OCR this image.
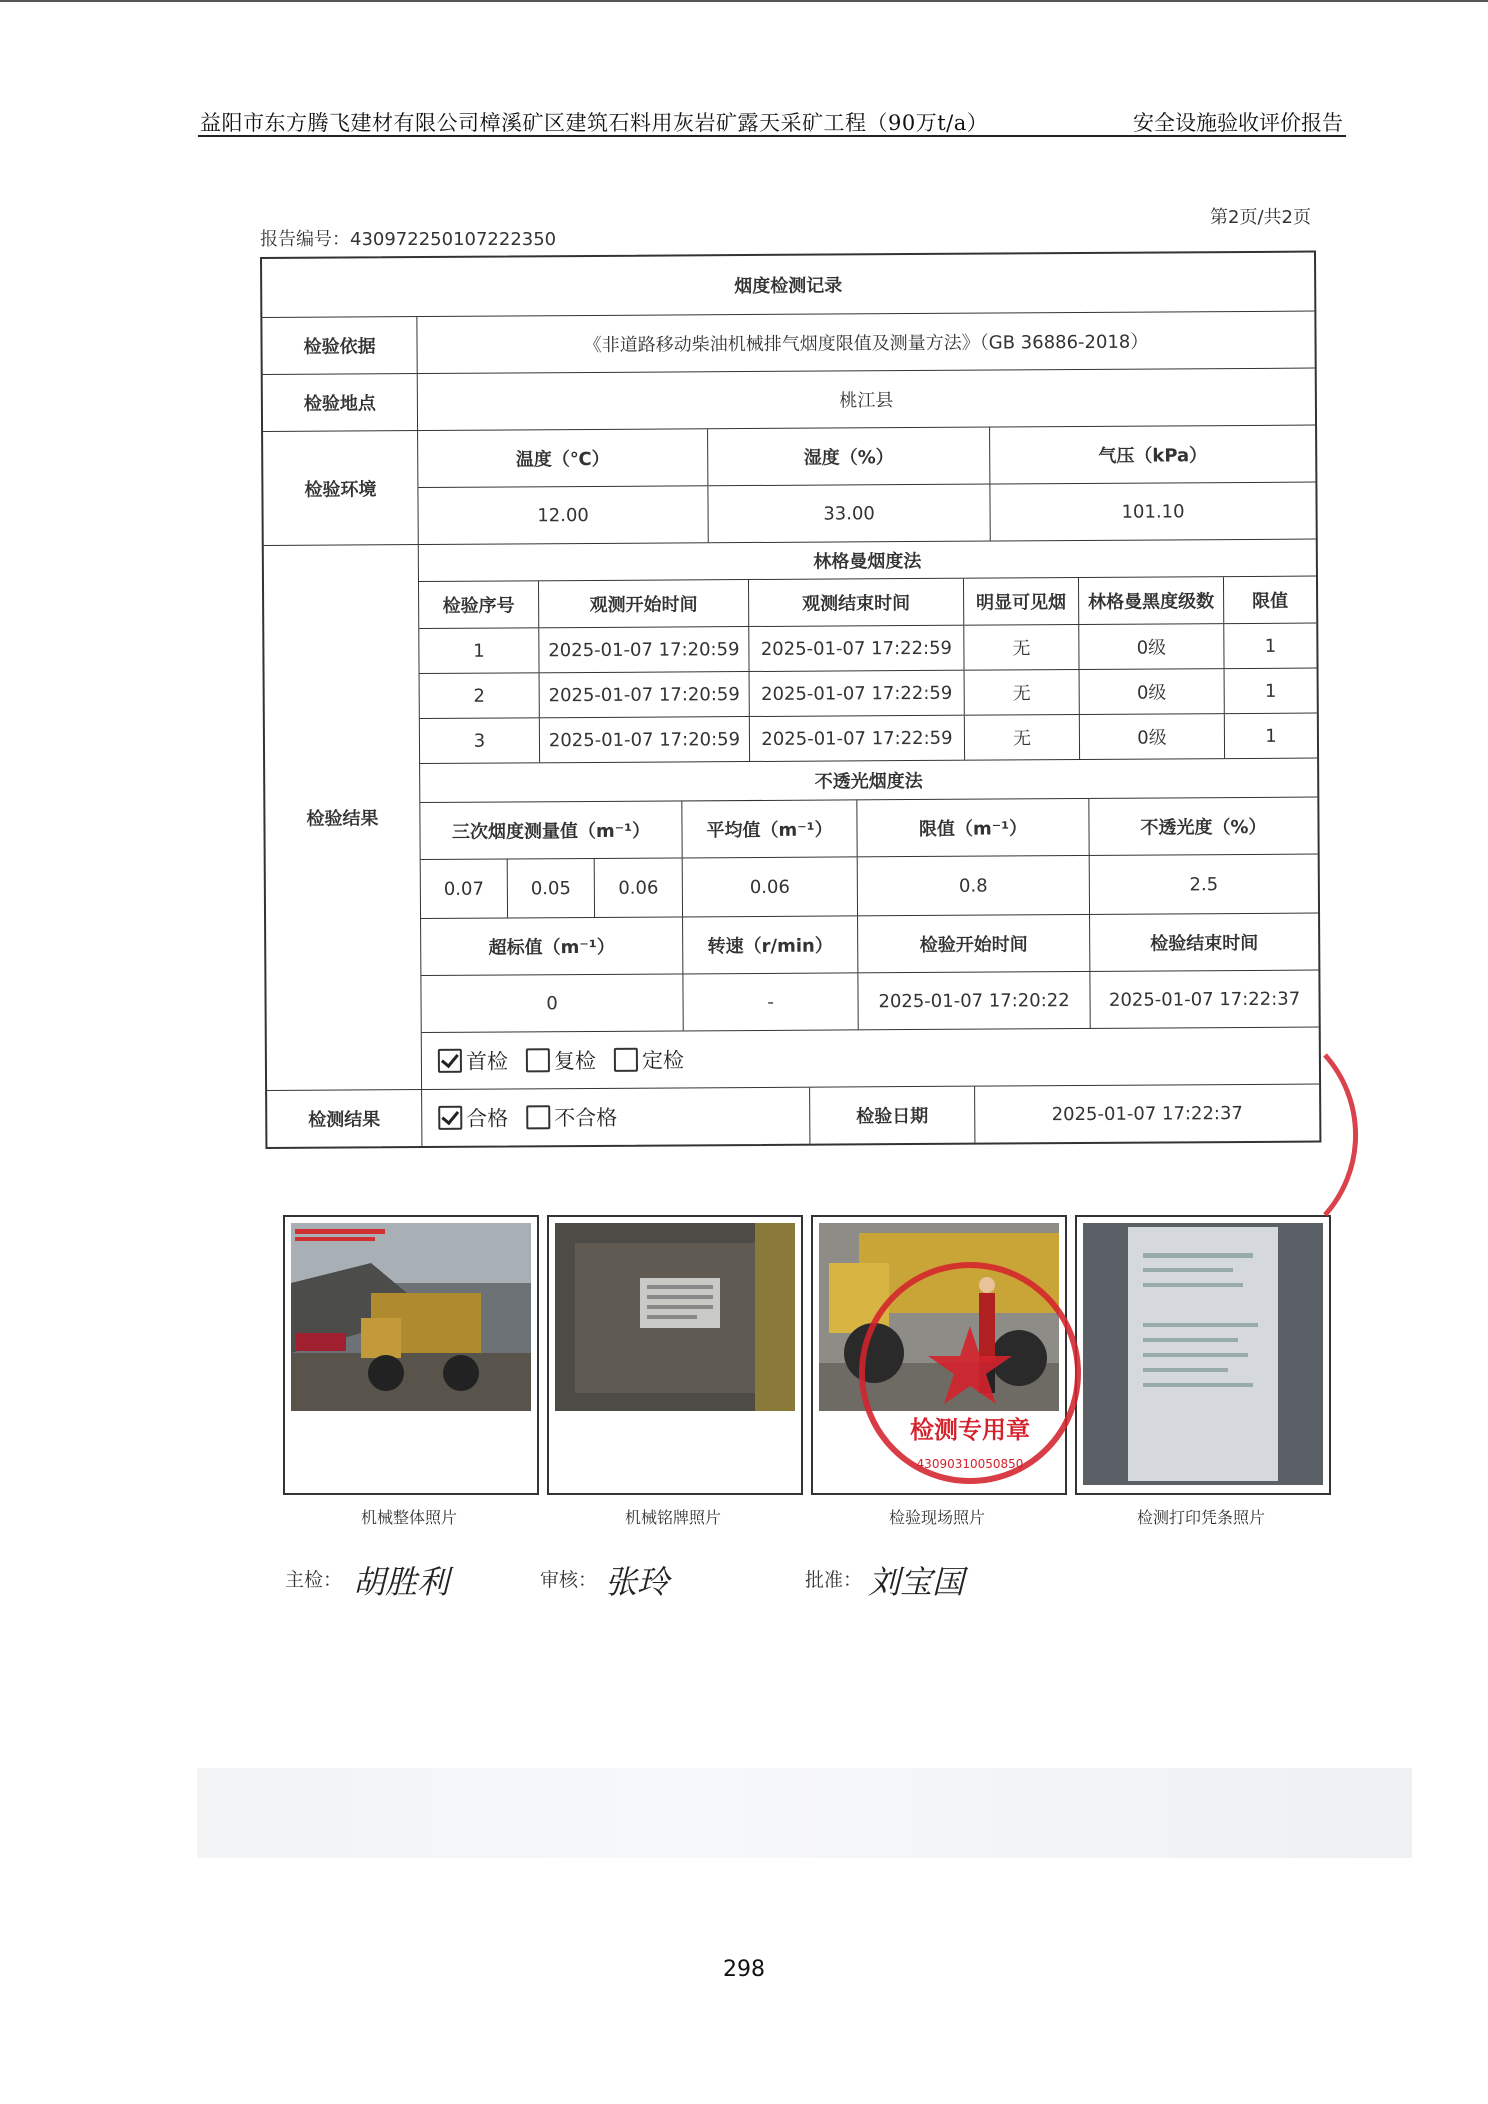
益阳市东方腾飞建材有限公司樟溪矿区建筑石料用灰岩矿露天采矿工程（90万t/a）	安全设施验收评价报告
报告编号：430972250107222350
第2页/共2页
烟度检测记录
检验依据	《非道路移动柴油机械排气烟度限值及测量方法》（GB 36886-2018）
检验地点	桃江县
检验环境
温度（℃）	湿度（%）	气压（kPa）
12.00	33.00	101.10
检验结果
林格曼烟度法
检验序号	观测开始时间	观测结束时间	明显可见烟	林格曼黑度级数	限值
1	2025-01-07 17:20:59	2025-01-07 17:22:59	无	0级	1
2	2025-01-07 17:20:59	2025-01-07 17:22:59	无	0级	1
3	2025-01-07 17:20:59	2025-01-07 17:22:59	无	0级	1
不透光烟度法
三次烟度测量值（m⁻¹）	平均值（m⁻¹）	限值（m⁻¹）	不透光度（%）
0.07	0.05	0.06	0.06	0.8	2.5
超标值（m⁻¹）	转速（r/min）	检验开始时间	检验结束时间
0	-	2025-01-07 17:20:22	2025-01-07 17:22:37
首检 复检 定检
检测结果	合格 不合格	检验日期	2025-01-07 17:22:37
机械整体照片	机械铭牌照片	检验现场照片	检测打印凭条照片
主检： 胡胜利	审核： 张玲	批准： 刘宝国
检测专用章
43090310050850
298
